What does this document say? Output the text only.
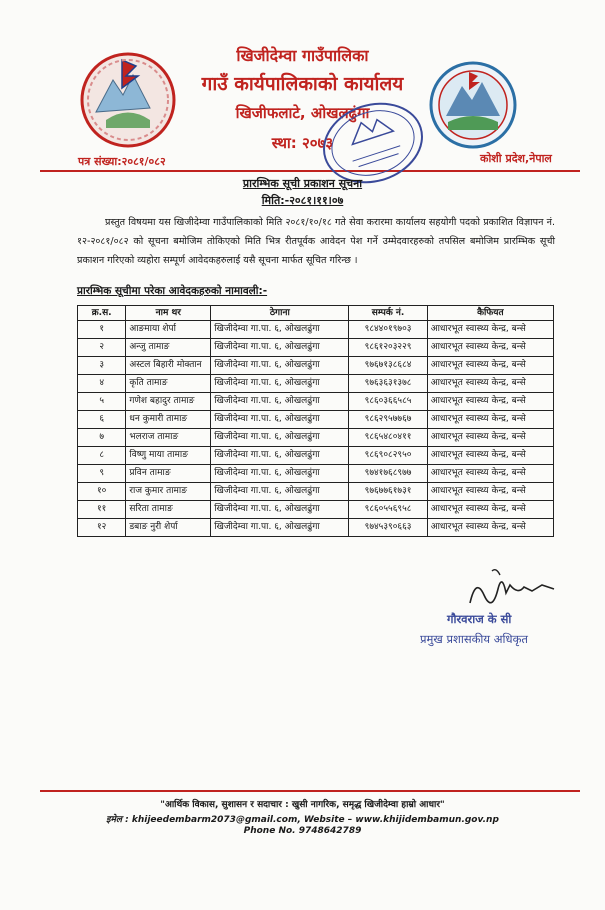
खिजीदेम्वा गाउँपालिका
गाउँ कार्यपालिकाको कार्यालय
खिजीफलाटे, ओखलढुंगा
स्था: २०७३
पत्र संख्या:२०८१/०८२	कोशी प्रदेश,नेपाल
प्रारम्भिक सूची प्रकाशन सूचना
मिति:-२०८१।११।०७
प्रस्तुत विषयमा यस खिजीदेम्वा गाउँपालिकाको मिति २०८१/१०/१८ गते सेवा करारमा कार्यालय सहयोगी पदको प्रकाशित विज्ञापन नं. १२-२०८१/०८२ को सूचना बमोजिम तोकिएको मिति भित्र रीतपूर्वक आवेदन पेश गर्ने उम्मेदवारहरुको तपसिल बमोजिम प्रारम्भिक सूची प्रकाशन गरिएको व्यहोरा सम्पूर्ण आवेदकहरुलाई यसै सूचना मार्फत सूचित गरिन्छ ।
प्रारम्भिक सूचीमा परेका आवेदकहरुको नामावली:-
क्र.स.	नाम थर	ठेगाना	सम्पर्क नं.	कैफियत
१	आङमाया शेर्पा	खिजीदेम्वा गा.पा. ६, ओखलढुंगा	९८४४०१९७०३	आधारभूत स्वास्थ्य केन्द्र, बन्से
२	अन्जु तामाङ	खिजीदेम्वा गा.पा. ६, ओखलढुंगा	९८६१२०३२२९	आधारभूत स्वास्थ्य केन्द्र, बन्से
३	अस्टल बिहारी मोक्तान	खिजीदेम्वा गा.पा. ६, ओखलढुंगा	९७६७१३८६८४	आधारभूत स्वास्थ्य केन्द्र, बन्से
४	कृति तामाङ	खिजीदेम्वा गा.पा. ६, ओखलढुंगा	९७६३६३१३७८	आधारभूत स्वास्थ्य केन्द्र, बन्से
५	गणेश बहादुर तामाङ	खिजीदेम्वा गा.पा. ६, ओखलढुंगा	९८६०३६६५८५	आधारभूत स्वास्थ्य केन्द्र, बन्से
६	धन कुमारी तामाङ	खिजीदेम्वा गा.पा. ६, ओखलढुंगा	९८६२९५७७६७	आधारभूत स्वास्थ्य केन्द्र, बन्से
७	भलराज तामाङ	खिजीदेम्वा गा.पा. ६, ओखलढुंगा	९८६५४८०४११	आधारभूत स्वास्थ्य केन्द्र, बन्से
८	विष्णु माया तामाङ	खिजीदेम्वा गा.पा. ६, ओखलढुंगा	९८६९०८२९५०	आधारभूत स्वास्थ्य केन्द्र, बन्से
९	प्रविन तामाङ	खिजीदेम्वा गा.पा. ६, ओखलढुंगा	९७४१७६८९७७	आधारभूत स्वास्थ्य केन्द्र, बन्से
१०	राज कुमार तामाङ	खिजीदेम्वा गा.पा. ६, ओखलढुंगा	९७६७७६१७३१	आधारभूत स्वास्थ्य केन्द्र, बन्से
११	सरिता तामाङ	खिजीदेम्वा गा.पा. ६, ओखलढुंगा	९८६०५५६९५८	आधारभूत स्वास्थ्य केन्द्र, बन्से
१२	डबाङ नुरी शेर्पा	खिजीदेम्वा गा.पा. ६, ओखलढुंगा	९७४५३९०६६३	आधारभूत स्वास्थ्य केन्द्र, बन्से
गौरवराज के सी
प्रमुख प्रशासकीय अधिकृत
"आर्थिक विकास, सुशासन र सदाचार : खुसी नागरिक, समृद्ध खिजीदेम्वा हाम्रो आधार"
इमेल : khijeedembarm2073@gmail.com, Website – www.khijidembamun.gov.np
Phone No. 9748642789
